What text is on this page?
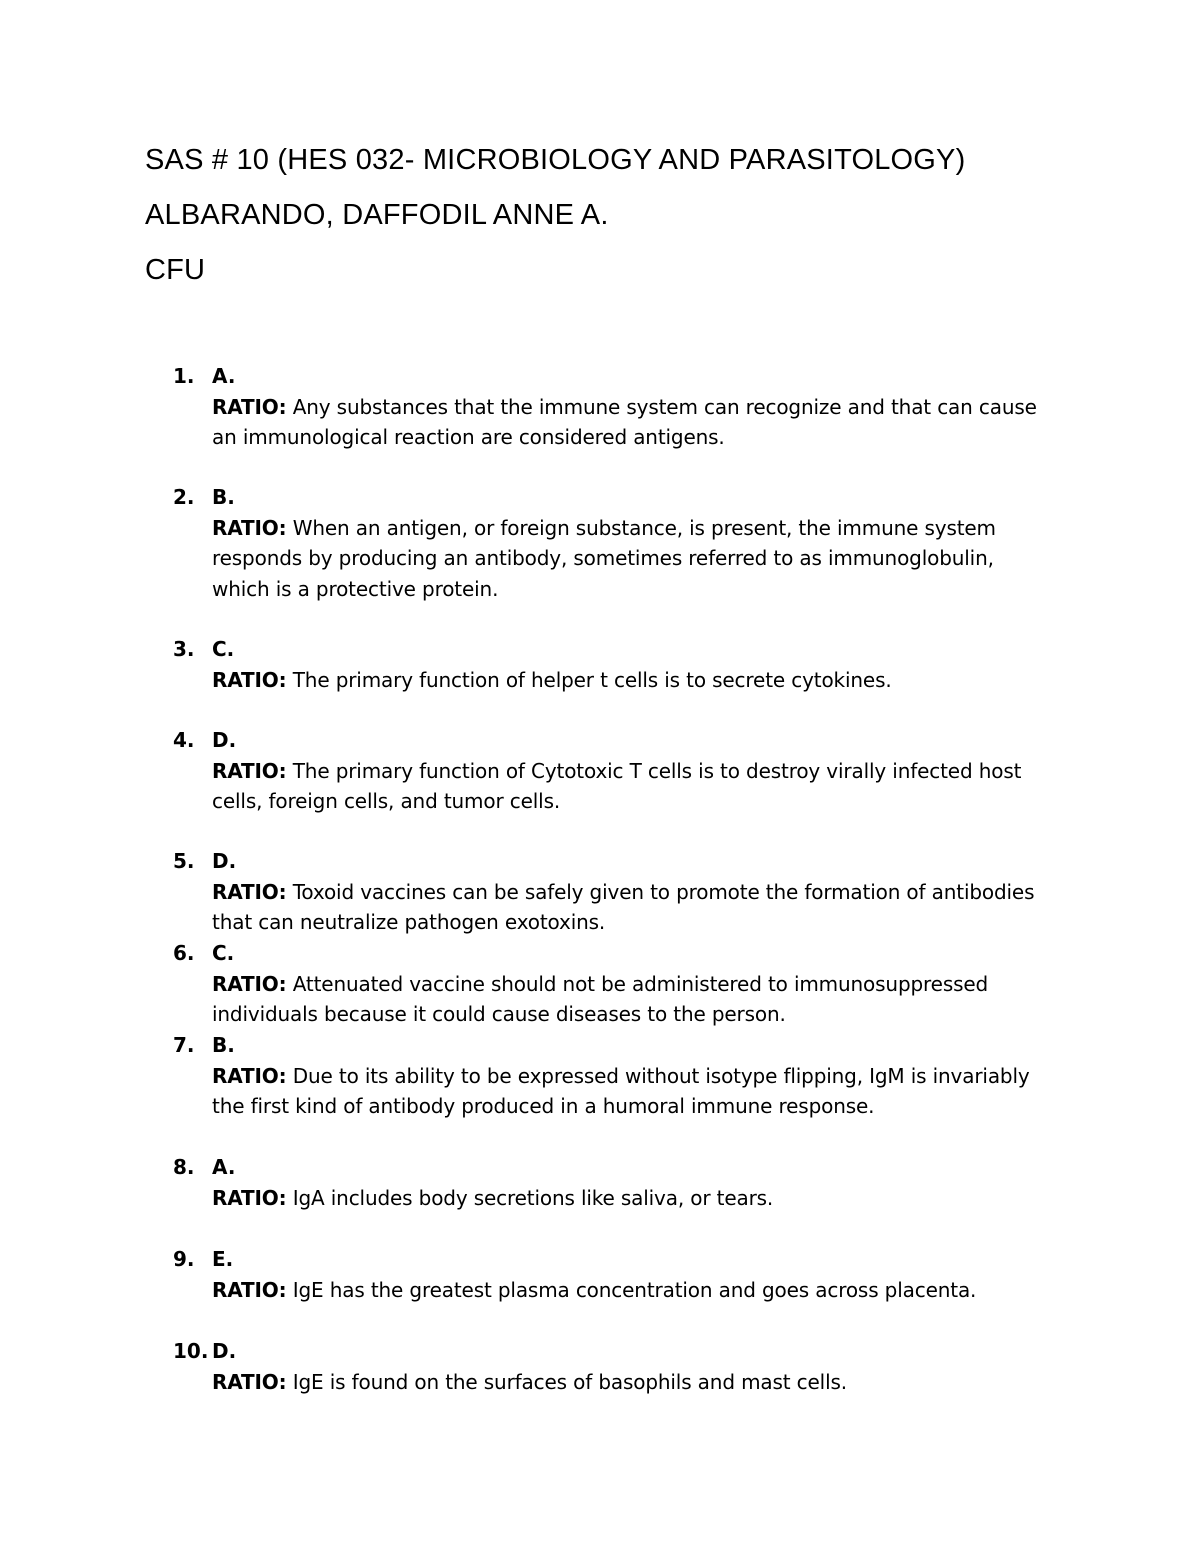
SAS # 10 (HES 032- MICROBIOLOGY AND PARASITOLOGY)
ALBARANDO, DAFFODIL ANNE A.
CFU
1. A.
RATIO: Any substances that the immune system can recognize and that can cause an immunological reaction are considered antigens.
2. B.
RATIO: When an antigen, or foreign substance, is present, the immune system responds by producing an antibody, sometimes referred to as immunoglobulin, which is a protective protein.
3. C.
RATIO: The primary function of helper t cells is to secrete cytokines.
4. D.
RATIO: The primary function of Cytotoxic T cells is to destroy virally infected host cells, foreign cells, and tumor cells.
5. D.
RATIO: Toxoid vaccines can be safely given to promote the formation of antibodies that can neutralize pathogen exotoxins.
6. C.
RATIO: Attenuated vaccine should not be administered to immunosuppressed individuals because it could cause diseases to the person.
7. B.
RATIO: Due to its ability to be expressed without isotype flipping, IgM is invariably the first kind of antibody produced in a humoral immune response.
8. A.
RATIO: IgA includes body secretions like saliva, or tears.
9. E.
RATIO: IgE has the greatest plasma concentration and goes across placenta.
10. D.
RATIO: IgE is found on the surfaces of basophils and mast cells.
